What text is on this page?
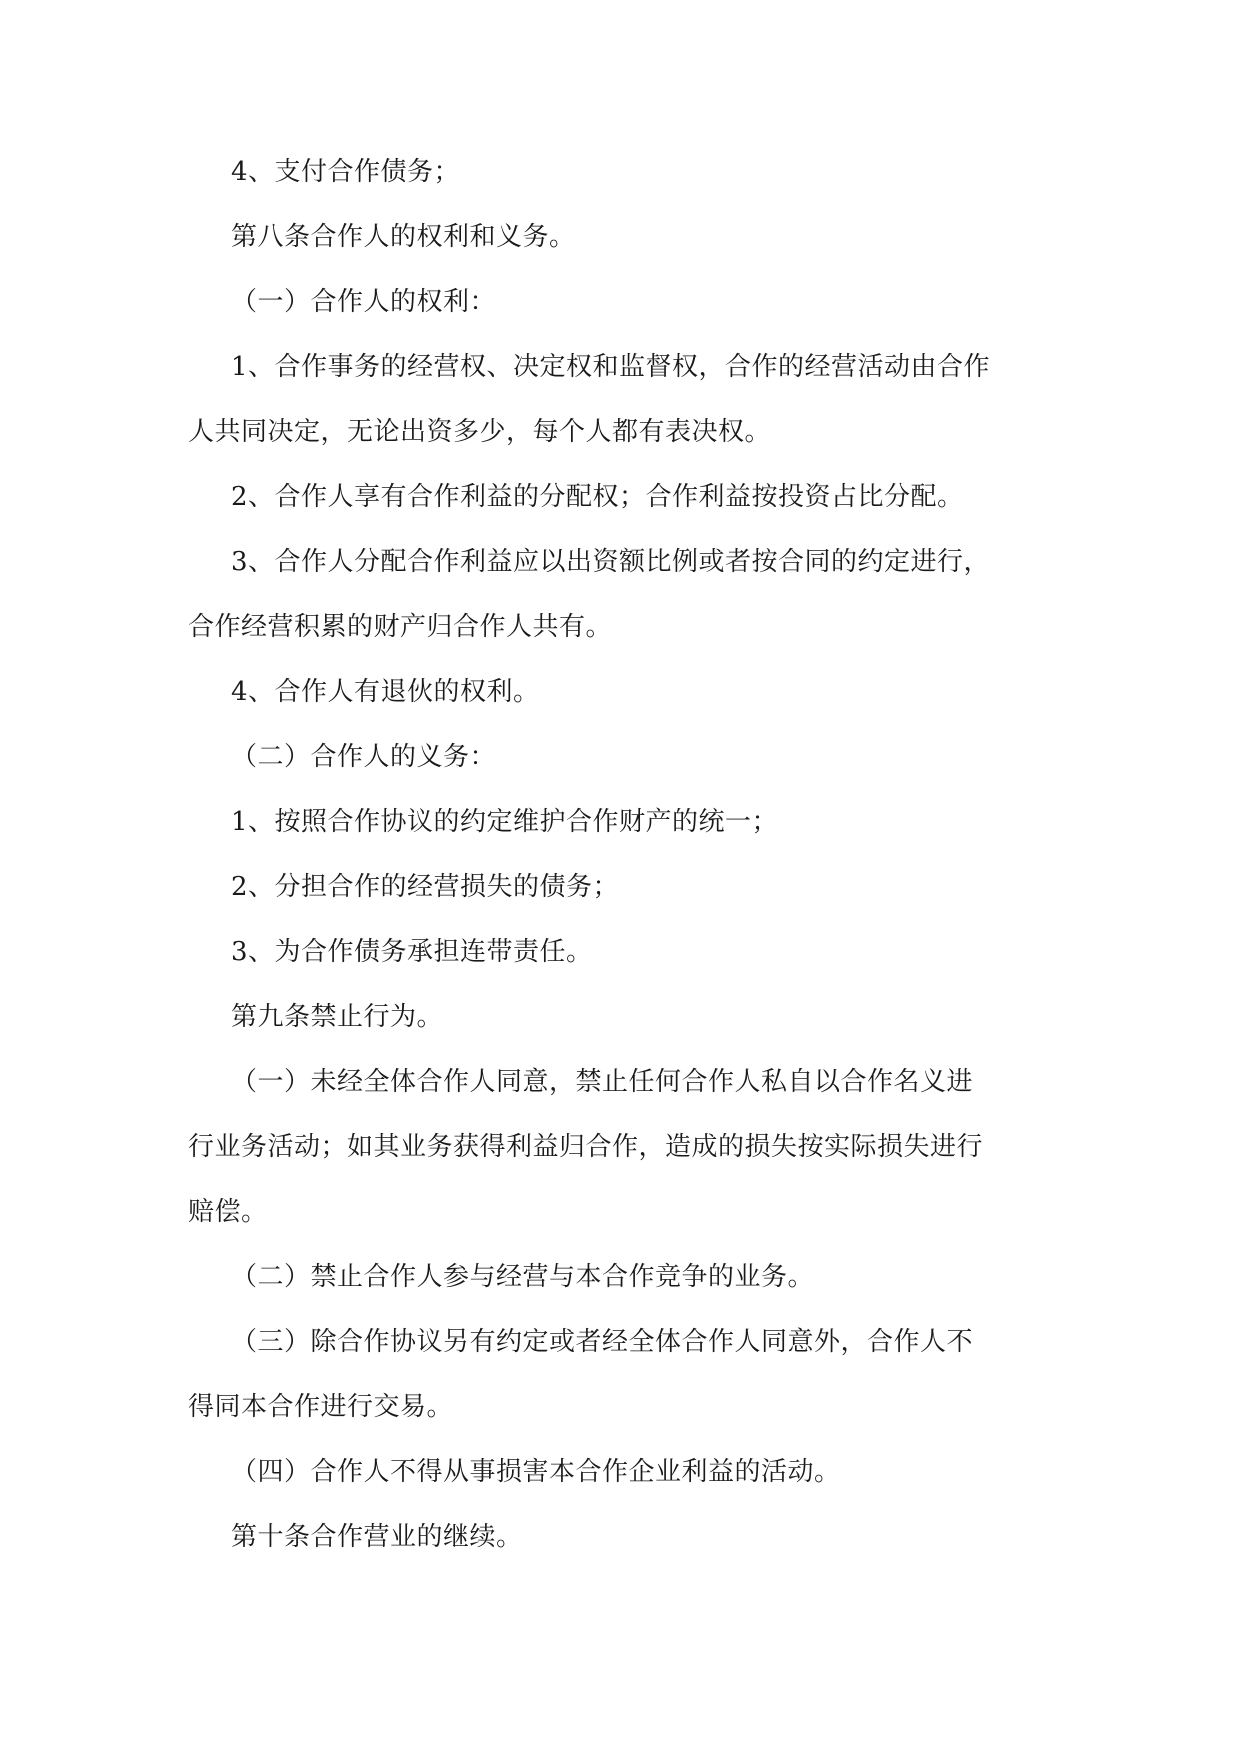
4、支付合作债务；

第八条合作人的权利和义务。

（一）合作人的权利：

1、合作事务的经营权、决定权和监督权，合作的经营活动由合作

人共同决定，无论出资多少，每个人都有表决权。

2、合作人享有合作利益的分配权；合作利益按投资占比分配。

3、合作人分配合作利益应以出资额比例或者按合同的约定进行，

合作经营积累的财产归合作人共有。

4、合作人有退伙的权利。

（二）合作人的义务：

1、按照合作协议的约定维护合作财产的统一；

2、分担合作的经营损失的债务；

3、为合作债务承担连带责任。

第九条禁止行为。

（一）未经全体合作人同意，禁止任何合作人私自以合作名义进

行业务活动；如其业务获得利益归合作，造成的损失按实际损失进行

赔偿。

（二）禁止合作人参与经营与本合作竞争的业务。

（三）除合作协议另有约定或者经全体合作人同意外，合作人不

得同本合作进行交易。

（四）合作人不得从事损害本合作企业利益的活动。

第十条合作营业的继续。
